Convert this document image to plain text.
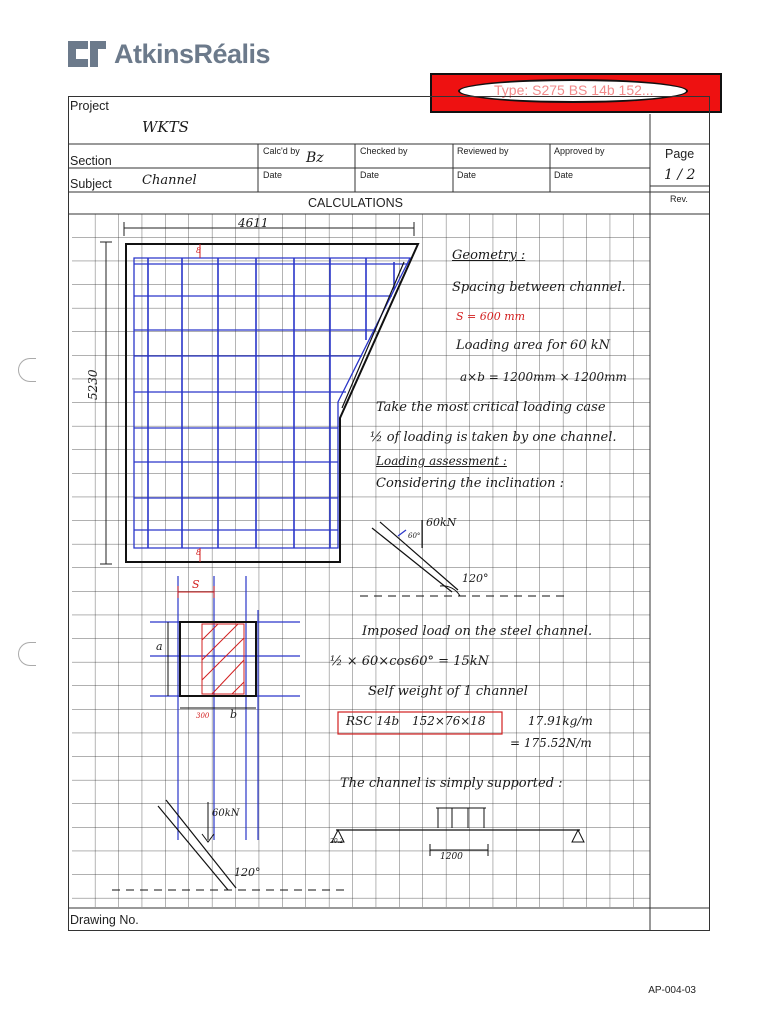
AtkinsRéalis
Type: S275 BS 14b 152...
Project
WKTS
Section
Subject Channel
Calc'd by Bz	Checked by	Reviewed by	Approved by
Date	Date	Date	Date
Page
1 / 2
Rev.
CALCULATIONS
4611
5230
8
8
S
a
b
300
60kN
60°
120°
60kN
120°
1200
20.2
Geometry :
Spacing between channel.
S = 600 mm
Loading area for 60 kN
a×b = 1200mm × 1200mm
Take the most critical loading case
½ of loading is taken by one channel.
Loading assessment :
Considering the inclination :
Imposed load on the steel channel.
½ × 60×cos60° = 15kN
Self weight of 1 channel
RSC 14b 152×76×18	17.91kg/m
= 175.52N/m
The channel is simply supported :
Drawing No.
AP-004-03
